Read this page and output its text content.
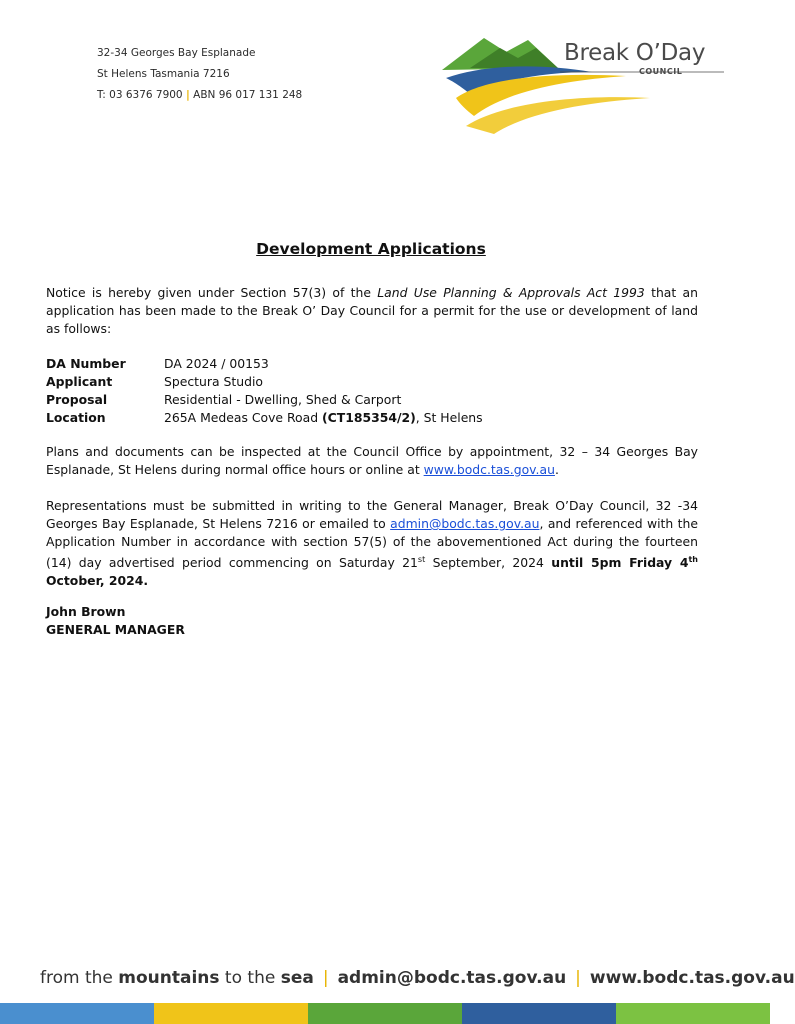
32-34 Georges Bay Esplanade
St Helens Tasmania 7216
T: 03 6376 7900 | ABN 96 017 131 248
Break O’Day
COUNCIL
Development Applications
Notice is hereby given under Section 57(3) of the Land Use Planning & Approvals Act 1993 that an application has been made to the Break O’ Day Council for a permit for the use or development of land as follows:
DA Number	DA 2024 / 00153
Applicant	Spectura Studio
Proposal	Residential - Dwelling, Shed & Carport
Location	265A Medeas Cove Road (CT185354/2), St Helens
Plans and documents can be inspected at the Council Office by appointment, 32 – 34 Georges Bay Esplanade, St Helens during normal office hours or online at www.bodc.tas.gov.au.
Representations must be submitted in writing to the General Manager, Break O’Day Council, 32 -34 Georges Bay Esplanade, St Helens 7216 or emailed to admin@bodc.tas.gov.au, and referenced with the Application Number in accordance with section 57(5) of the abovementioned Act during the fourteen (14) day advertised period commencing on Saturday 21st September, 2024 until 5pm Friday 4th October, 2024.
John Brown
GENERAL MANAGER
from the mountains to the sea | admin@bodc.tas.gov.au | www.bodc.tas.gov.au
